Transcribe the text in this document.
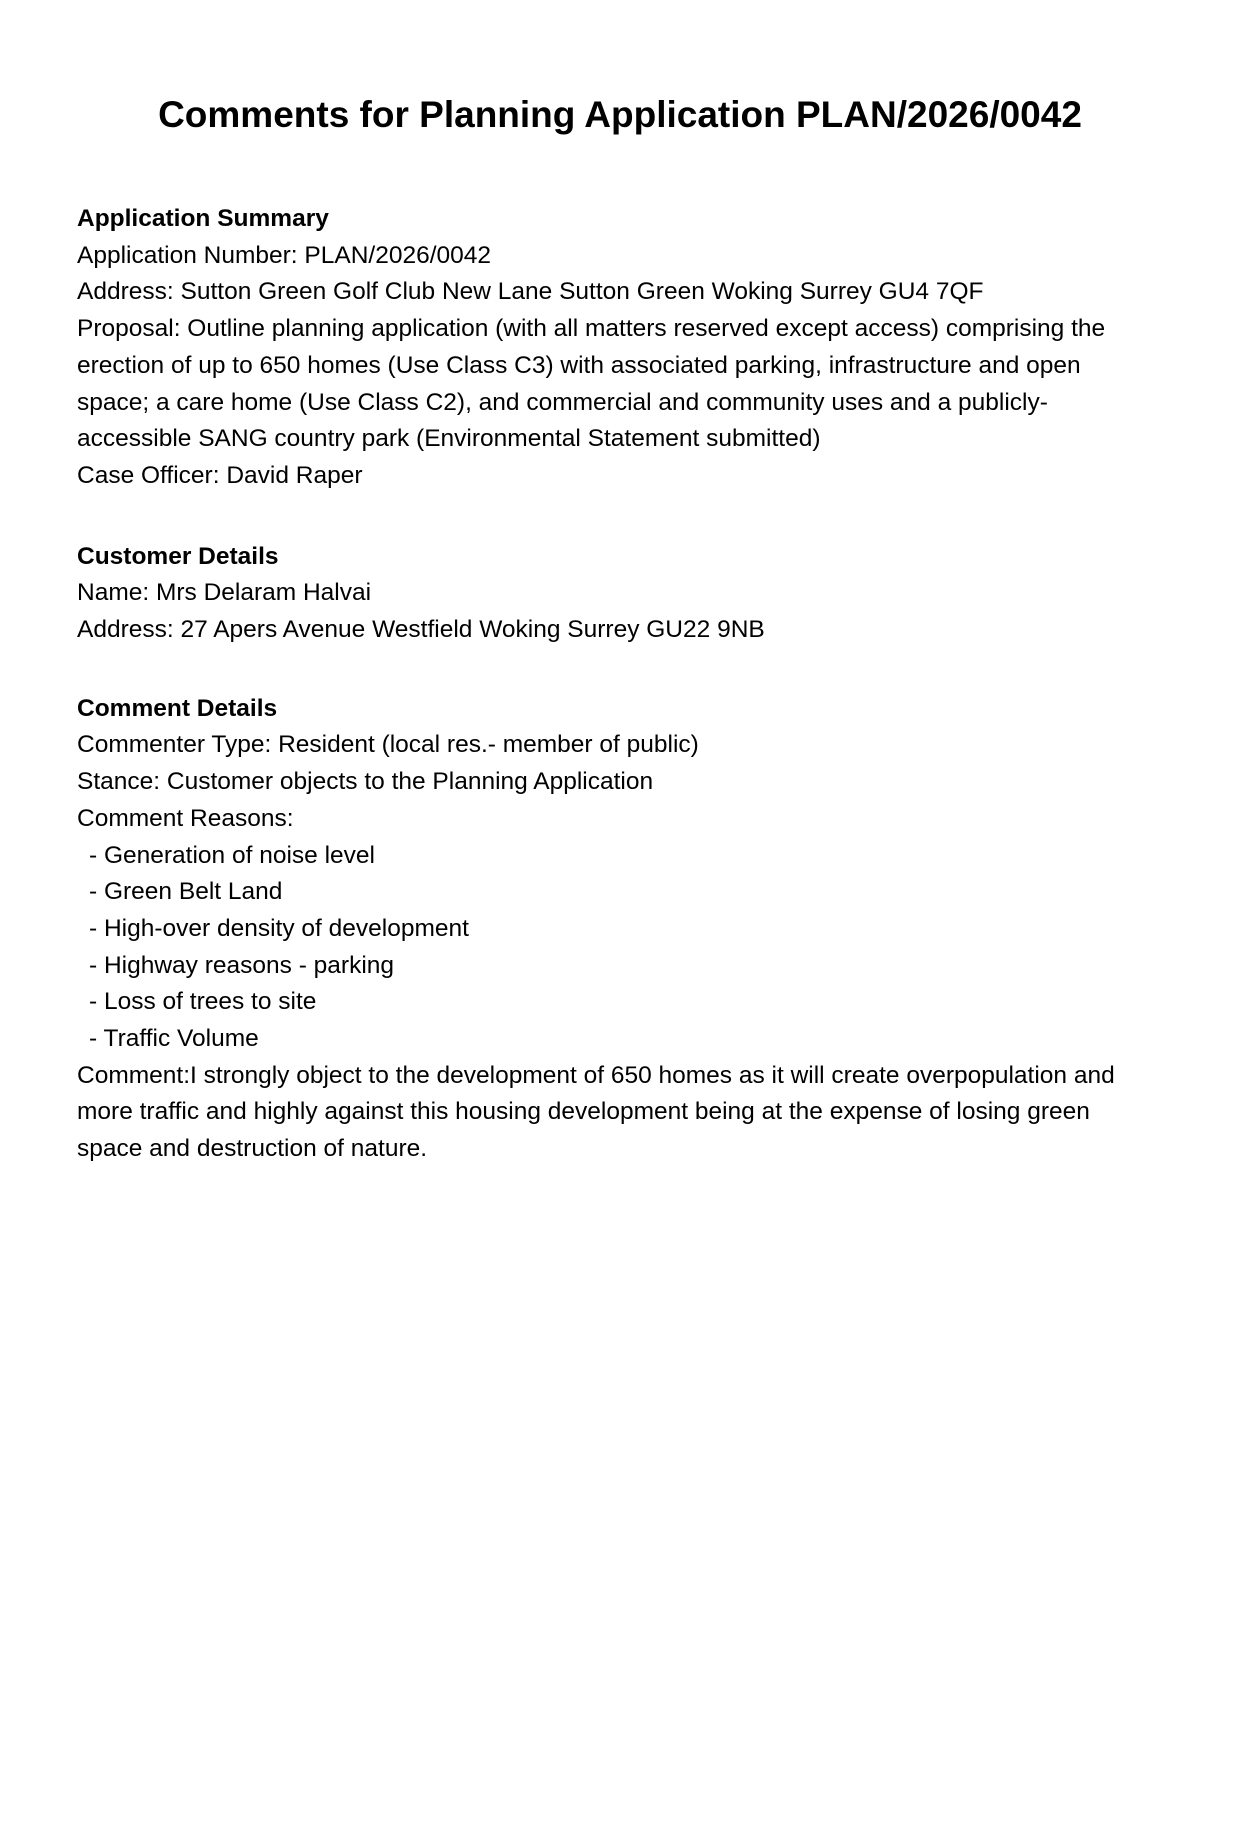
Comments for Planning Application PLAN/2026/0042
Application Summary
Application Number: PLAN/2026/0042
Address: Sutton Green Golf Club New Lane Sutton Green Woking Surrey GU4 7QF
Proposal: Outline planning application (with all matters reserved except access) comprising the erection of up to 650 homes (Use Class C3) with associated parking, infrastructure and open space; a care home (Use Class C2), and commercial and community uses and a publicly-accessible SANG country park (Environmental Statement submitted)
Case Officer: David Raper
Customer Details
Name: Mrs Delaram Halvai
Address: 27 Apers Avenue Westfield Woking Surrey GU22 9NB
Comment Details
Commenter Type: Resident (local res.- member of public)
Stance: Customer objects to the Planning Application
Comment Reasons:
- Generation of noise level
- Green Belt Land
- High-over density of development
- Highway reasons - parking
- Loss of trees to site
- Traffic Volume
Comment:I strongly object to the development of 650 homes as it will create overpopulation and more traffic and highly against this housing development being at the expense of losing green space and destruction of nature.
